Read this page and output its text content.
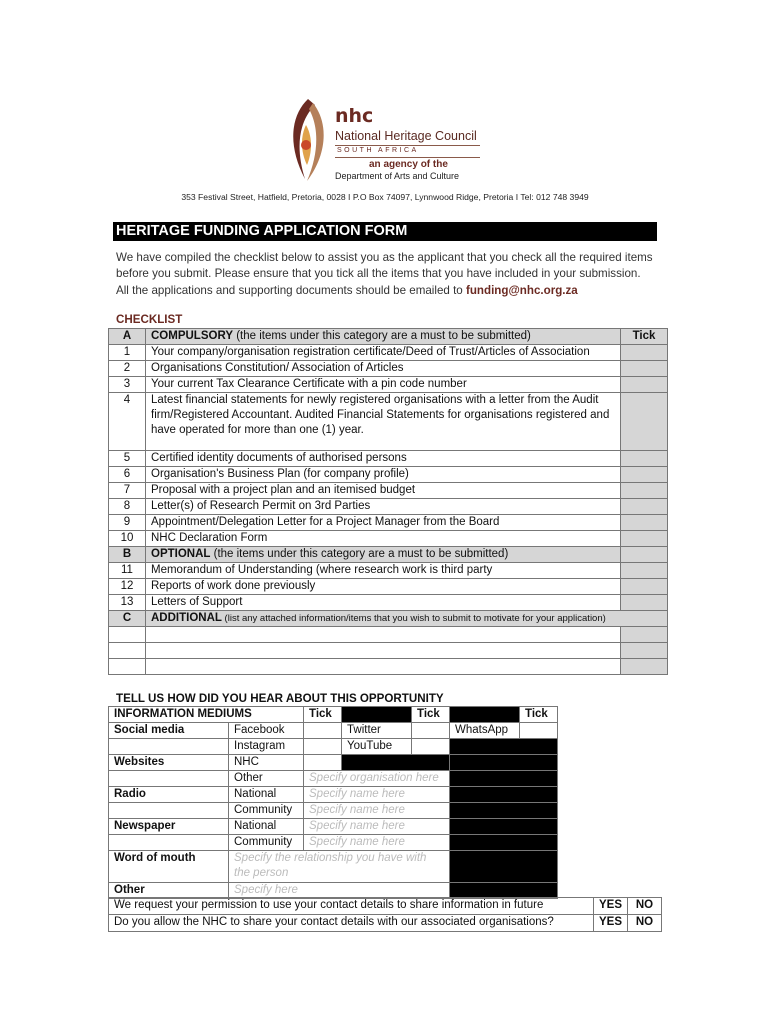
nhc
National Heritage Council
SOUTH AFRICA
an agency of the
Department of Arts and Culture
353 Festival Street, Hatfield, Pretoria, 0028 I P.O Box 74097, Lynnwood Ridge, Pretoria I Tel: 012 748 3949
HERITAGE FUNDING APPLICATION FORM
We have compiled the checklist below to assist you as the applicant that you check all the required items before you submit. Please ensure that you tick all the items that you have included in your submission. All the applications and supporting documents should be emailed to funding@nhc.org.za
CHECKLIST
A	COMPULSORY (the items under this category are a must to be submitted)	Tick
1	Your company/organisation registration certificate/Deed of Trust/Articles of Association	
2	Organisations Constitution/ Association of Articles	
3	Your current Tax Clearance Certificate with a pin code number	
4	Latest financial statements for newly registered organisations with a letter from the Audit firm/Registered Accountant. Audited Financial Statements for organisations registered and have operated for more than one (1) year.	
5	Certified identity documents of authorised persons	
6	Organisation's Business Plan (for company profile)	
7	Proposal with a project plan and an itemised budget	
8	Letter(s) of Research Permit on 3rd Parties	
9	Appointment/Delegation Letter for a Project Manager from the Board	
10	NHC Declaration Form	
B	OPTIONAL (the items under this category are a must to be submitted)	
11	Memorandum of Understanding (where research work is third party	
12	Reports of work done previously	
13	Letters of Support	
C	ADDITIONAL (list any attached information/items that you wish to submit to motivate for your application)	

TELL US HOW DID YOU HEAR ABOUT THIS OPPORTUNITY
INFORMATION MEDIUMS		Tick		Tick		Tick
Social media	Facebook		Twitter		WhatsApp	
	Instagram		YouTube			
Websites	NHC					
	Other	Specify organisation here				
Radio	National	Specify name here				
	Community	Specify name here				
Newspaper	National	Specify name here				
	Community	Specify name here				
Word of mouth	Specify the relationship you have with the person					
Other	Specify here					
We request your permission to use your contact details to share information in future	YES	NO
Do you allow the NHC to share your contact details with our associated organisations?	YES	NO
